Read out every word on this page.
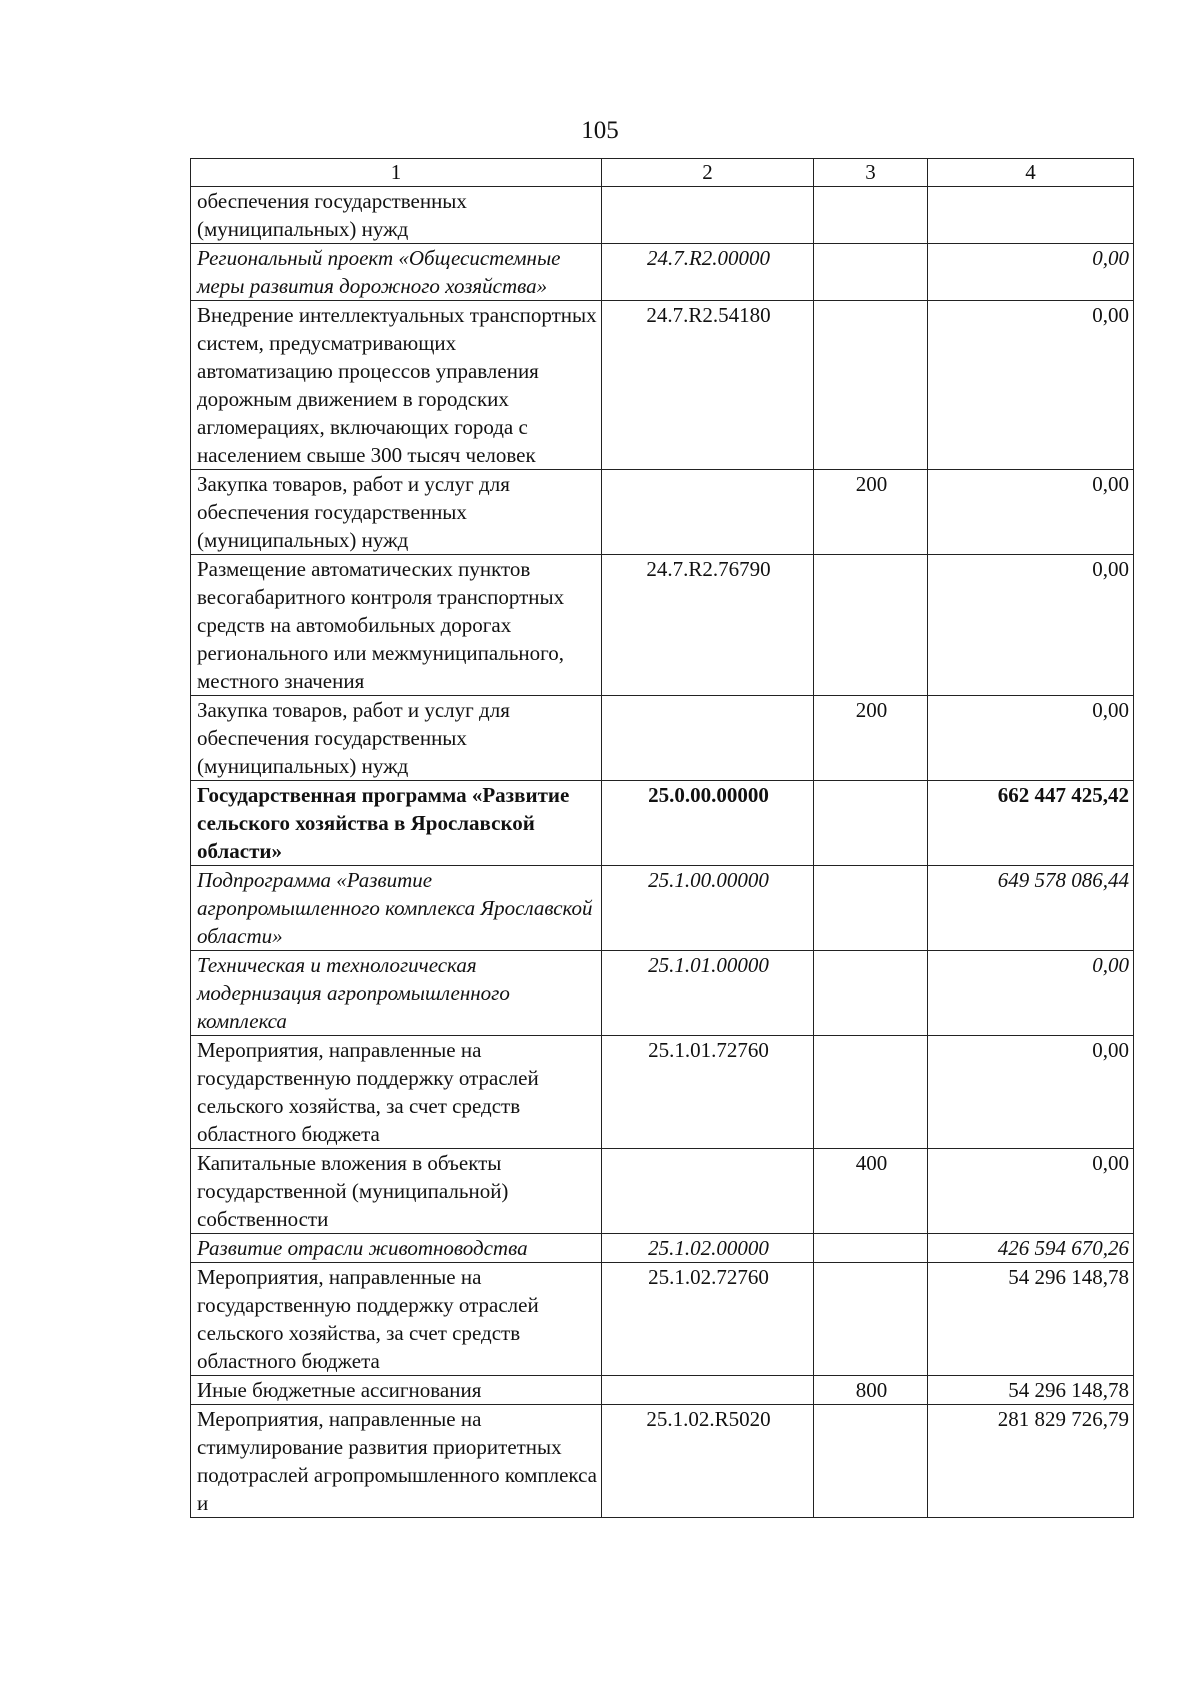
105
1	2	3	4
обеспечения государственных (муниципальных) нужд			
Региональный проект «Общесистемные меры развития дорожного хозяйства»	24.7.R2.00000		0,00
Внедрение интеллектуальных транспортных систем, предусматривающих автоматизацию процессов управления дорожным движением в городских агломерациях, включающих города с населением свыше 300 тысяч человек	24.7.R2.54180		0,00
Закупка товаров, работ и услуг для обеспечения государственных (муниципальных) нужд		200	0,00
Размещение автоматических пунктов весогабаритного контроля транспортных средств на автомобильных дорогах регионального или межмуниципального, местного значения	24.7.R2.76790		0,00
Закупка товаров, работ и услуг для обеспечения государственных (муниципальных) нужд		200	0,00
Государственная программа «Развитие сельского хозяйства в Ярославской области»	25.0.00.00000		662 447 425,42
Подпрограмма «Развитие агропромышленного комплекса Ярославской области»	25.1.00.00000		649 578 086,44
Техническая и технологическая модернизация агропромышленного комплекса	25.1.01.00000		0,00
Мероприятия, направленные на государственную поддержку отраслей сельского хозяйства, за счет средств областного бюджета	25.1.01.72760		0,00
Капитальные вложения в объекты государственной (муниципальной) собственности		400	0,00
Развитие отрасли животноводства	25.1.02.00000		426 594 670,26
Мероприятия, направленные на государственную поддержку отраслей сельского хозяйства, за счет средств областного бюджета	25.1.02.72760		54 296 148,78
Иные бюджетные ассигнования		800	54 296 148,78
Мероприятия, направленные на стимулирование развития приоритетных подотраслей агропромышленного комплекса и	25.1.02.R5020		281 829 726,79
